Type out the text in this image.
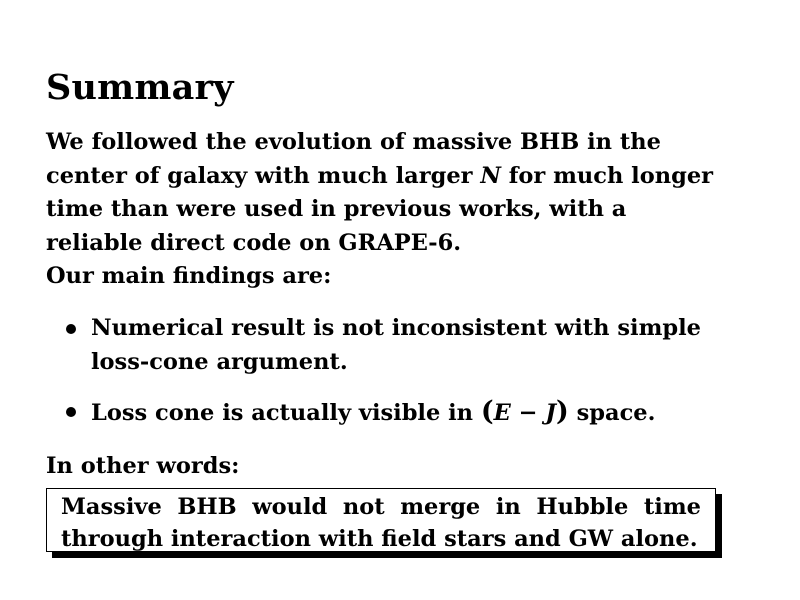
Summary
We followed the evolution of massive BHB in the
center of galaxy with much larger N for much longer
time than were used in previous works, with a
reliable direct code on GRAPE-6.
Our main findings are:
Numerical result is not inconsistent with simple
loss-cone argument.
Loss cone is actually visible in (E − J) space.

In other words:

Massive BHB would not merge in Hubble time
through interaction with field stars and GW alone.
